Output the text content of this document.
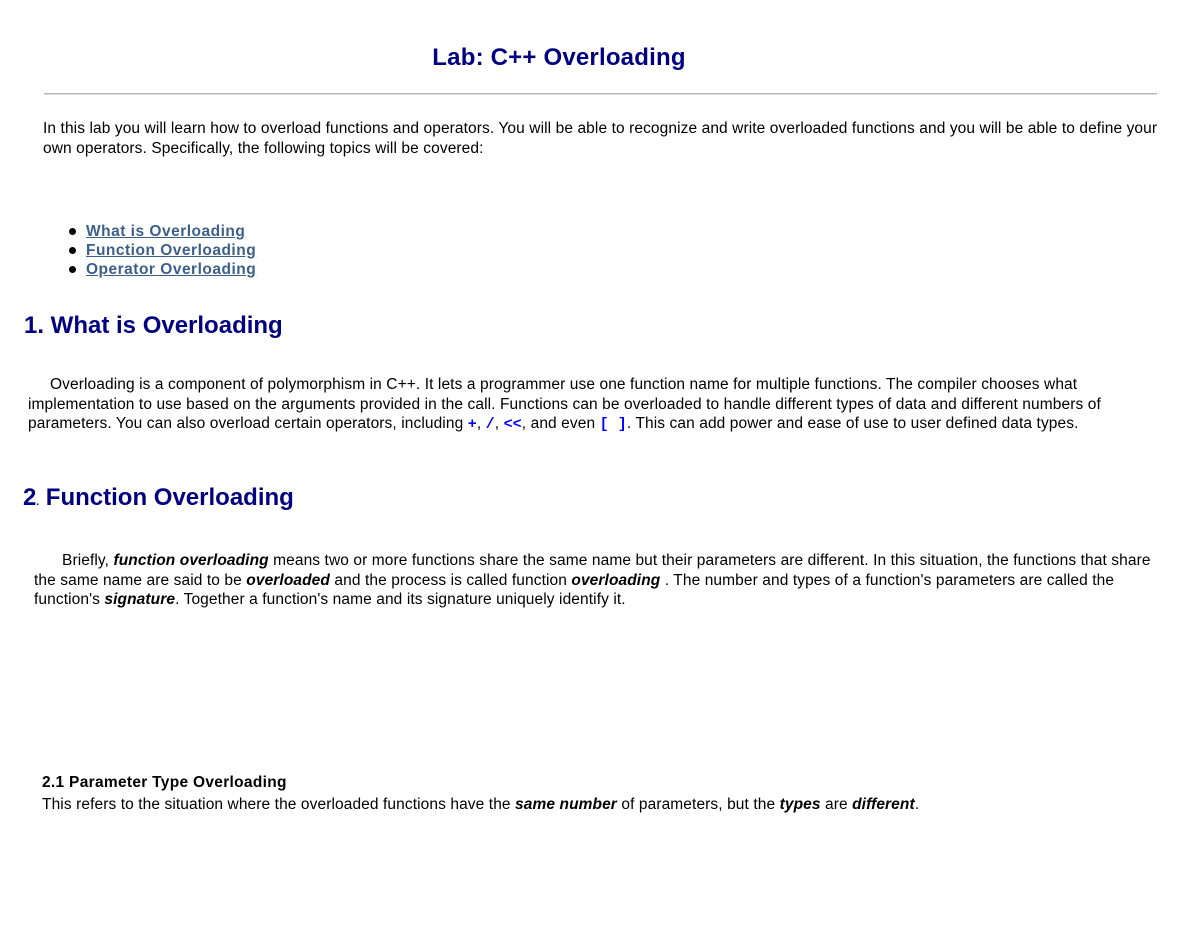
Lab: C++ Overloading
In this lab you will learn how to overload functions and operators. You will be able to recognize and write overloaded functions and you will be able to define your own operators. Specifically, the following topics will be covered:
What is Overloading
Function Overloading
Operator Overloading
1. What is Overloading
Overloading is a component of polymorphism in C++. It lets a programmer use one function name for multiple functions. The compiler chooses what implementation to use based on the arguments provided in the call. Functions can be overloaded to handle different types of data and different numbers of parameters. You can also overload certain operators, including +, /, <<, and even [ ]. This can add power and ease of use to user defined data types.
2. Function Overloading
Briefly, function overloading means two or more functions share the same name but their parameters are different. In this situation, the functions that share the same name are said to be overloaded and the process is called function overloading . The number and types of a function's parameters are called the function's signature. Together a function's name and its signature uniquely identify it.
2.1 Parameter Type Overloading
This refers to the situation where the overloaded functions have the same number of parameters, but the types are different.
